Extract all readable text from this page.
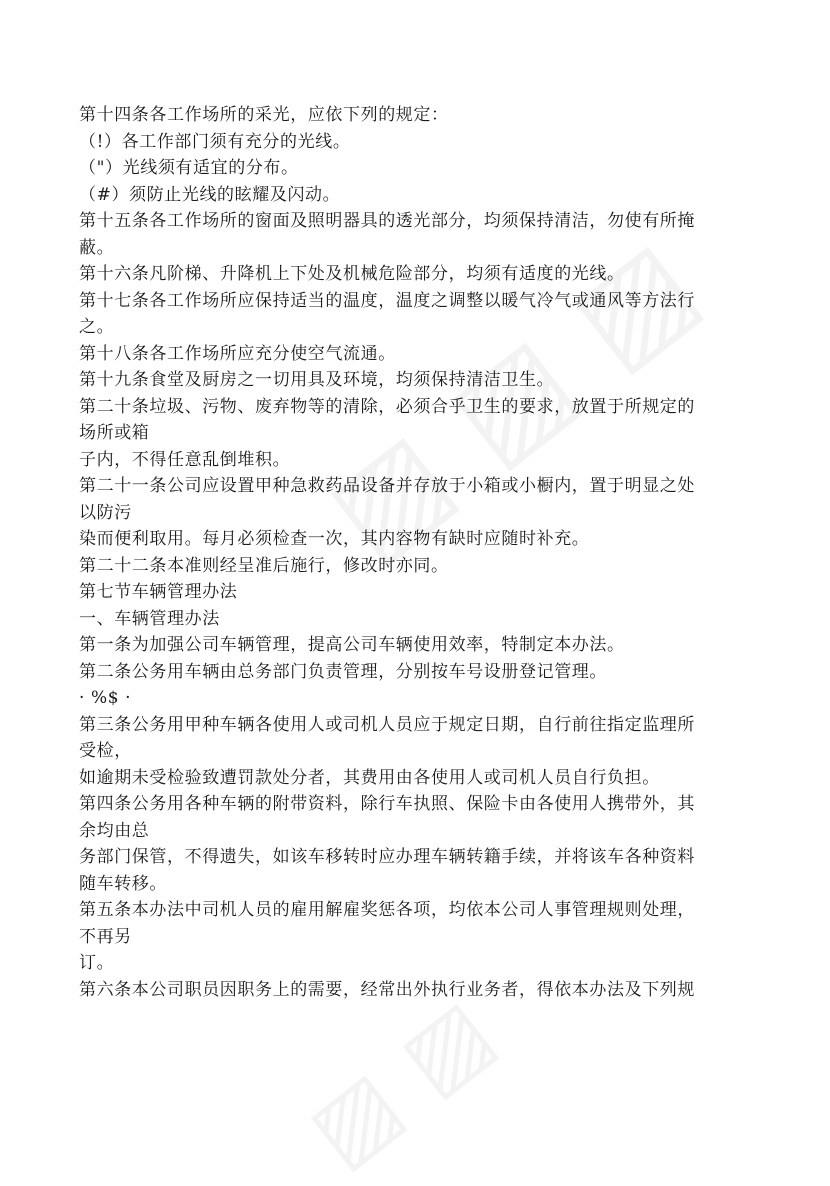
第十四条各工作场所的采光，应依下列的规定：
（!）各工作部门须有充分的光线。
（"）光线须有适宜的分布。
（#）须防止光线的眩耀及闪动。
第十五条各工作场所的窗面及照明器具的透光部分，均须保持清洁，勿使有所掩
蔽。
第十六条凡阶梯、升降机上下处及机械危险部分，均须有适度的光线。
第十七条各工作场所应保持适当的温度，温度之调整以暖气冷气或通风等方法行
之。
第十八条各工作场所应充分使空气流通。
第十九条食堂及厨房之一切用具及环境，均须保持清洁卫生。
第二十条垃圾、污物、废弃物等的清除，必须合乎卫生的要求，放置于所规定的
场所或箱
子内，不得任意乱倒堆积。
第二十一条公司应设置甲种急救药品设备并存放于小箱或小橱内，置于明显之处
以防污
染而便利取用。每月必须检查一次，其内容物有缺时应随时补充。
第二十二条本准则经呈准后施行，修改时亦同。
第七节车辆管理办法
一、车辆管理办法
第一条为加强公司车辆管理，提高公司车辆使用效率，特制定本办法。
第二条公务用车辆由总务部门负责管理，分别按车号设册登记管理。
· %$ ·
第三条公务用甲种车辆各使用人或司机人员应于规定日期，自行前往指定监理所
受检，
如逾期未受检验致遭罚款处分者，其费用由各使用人或司机人员自行负担。
第四条公务用各种车辆的附带资料，除行车执照、保险卡由各使用人携带外，其
余均由总
务部门保管，不得遗失，如该车移转时应办理车辆转籍手续，并将该车各种资料
随车转移。
第五条本办法中司机人员的雇用解雇奖惩各项，均依本公司人事管理规则处理，
不再另
订。
第六条本公司职员因职务上的需要，经常出外执行业务者，得依本办法及下列规
